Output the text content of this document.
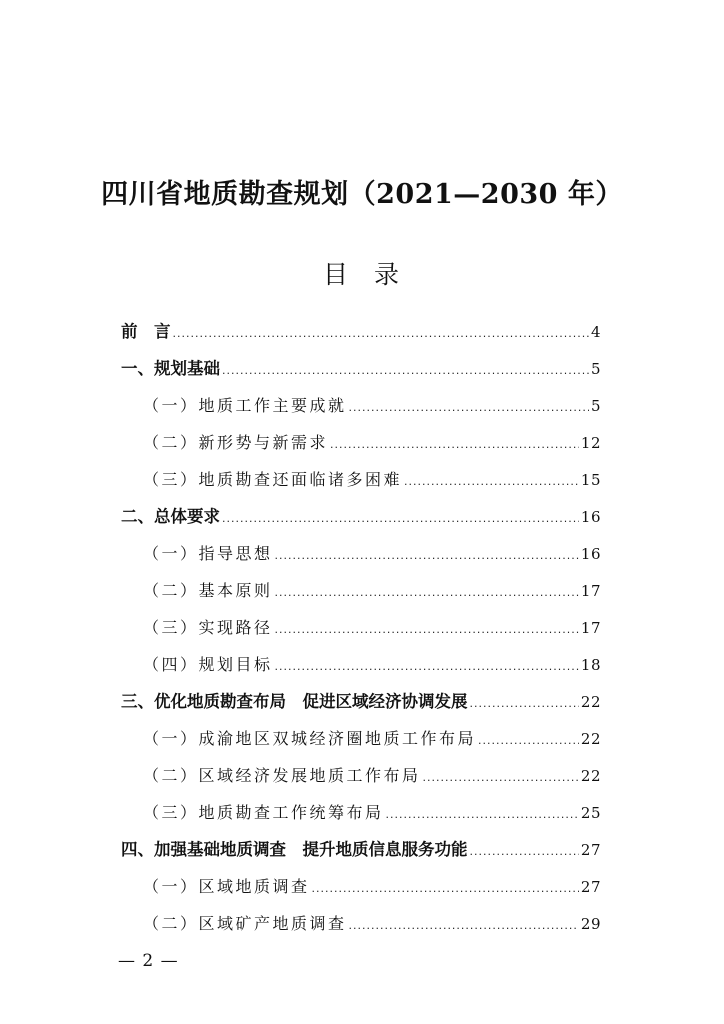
四川省地质勘查规划（2021—2030 年）
目 录
前　言 .....	4
一、规划基础 .....	5
（一）地质工作主要成就 .....	5
（二）新形势与新需求 .....	12
（三）地质勘查还面临诸多困难 .....	15
二、总体要求 .....	16
（一）指导思想 .....	16
（二）基本原则 .....	17
（三）实现路径 .....	17
（四）规划目标 .....	18
三、优化地质勘查布局　促进区域经济协调发展 .....	22
（一）成渝地区双城经济圈地质工作布局 .....	22
（二）区域经济发展地质工作布局 .....	22
（三）地质勘查工作统筹布局 .....	25
四、加强基础地质调查　提升地质信息服务功能 .....	27
（一）区域地质调查 .....	27
（二）区域矿产地质调查 .....	29
— 2 —
